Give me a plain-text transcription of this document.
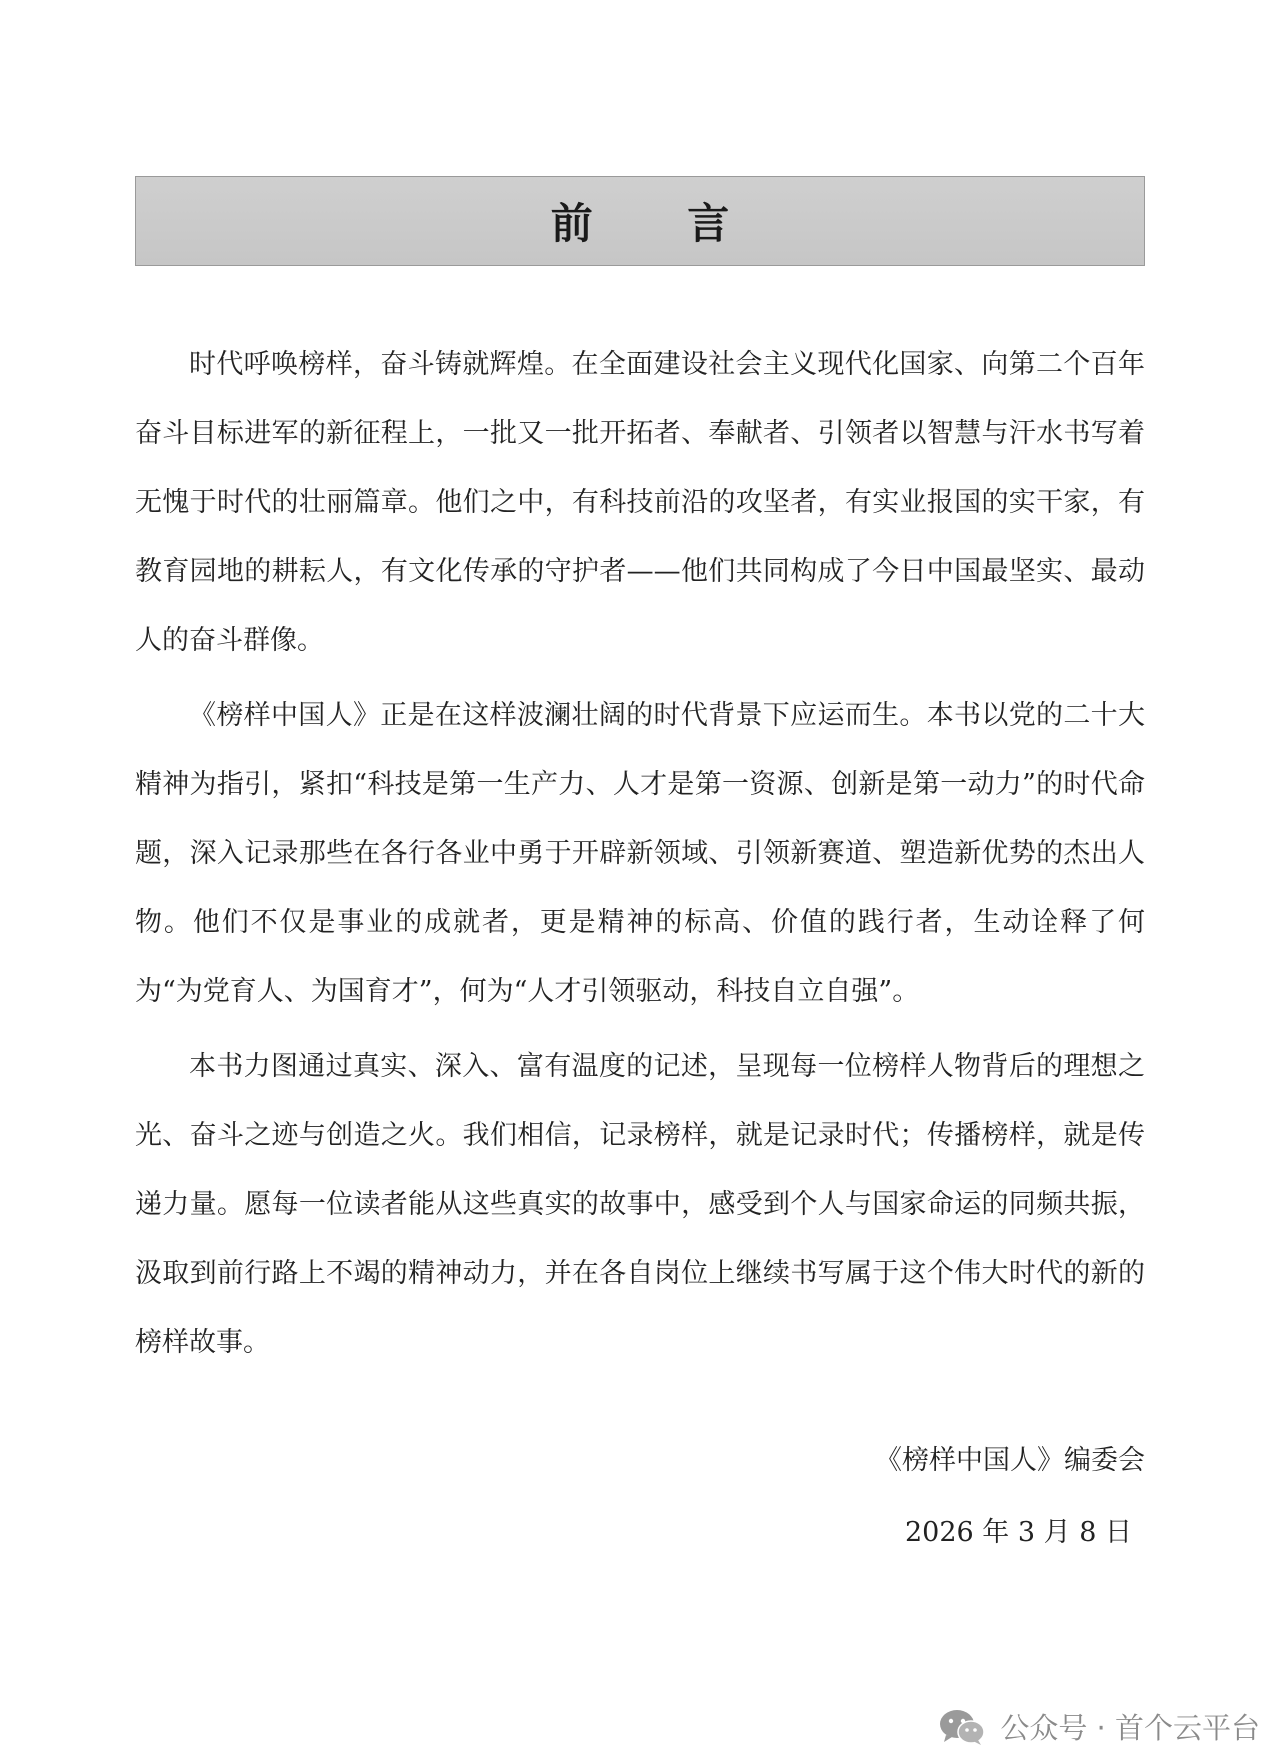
前 言

时代呼唤榜样，奋斗铸就辉煌。在全面建设社会主义现代化国家、向第二个百年奋斗目标进军的新征程上，一批又一批开拓者、奉献者、引领者以智慧与汗水书写着无愧于时代的壮丽篇章。他们之中，有科技前沿的攻坚者，有实业报国的实干家，有教育园地的耕耘人，有文化传承的守护者——他们共同构成了今日中国最坚实、最动人的奋斗群像。

《榜样中国人》正是在这样波澜壮阔的时代背景下应运而生。本书以党的二十大精神为指引，紧扣“科技是第一生产力、人才是第一资源、创新是第一动力”的时代命题，深入记录那些在各行各业中勇于开辟新领域、引领新赛道、塑造新优势的杰出人物。他们不仅是事业的成就者，更是精神的标高、价值的践行者，生动诠释了何为“为党育人、为国育才”，何为“人才引领驱动，科技自立自强”。

本书力图通过真实、深入、富有温度的记述，呈现每一位榜样人物背后的理想之光、奋斗之迹与创造之火。我们相信，记录榜样，就是记录时代；传播榜样，就是传递力量。愿每一位读者能从这些真实的故事中，感受到个人与国家命运的同频共振，汲取到前行路上不竭的精神动力，并在各自岗位上继续书写属于这个伟大时代的新的榜样故事。

《榜样中国人》编委会
2026 年 3 月 8 日
公众号 · 首个云平台
